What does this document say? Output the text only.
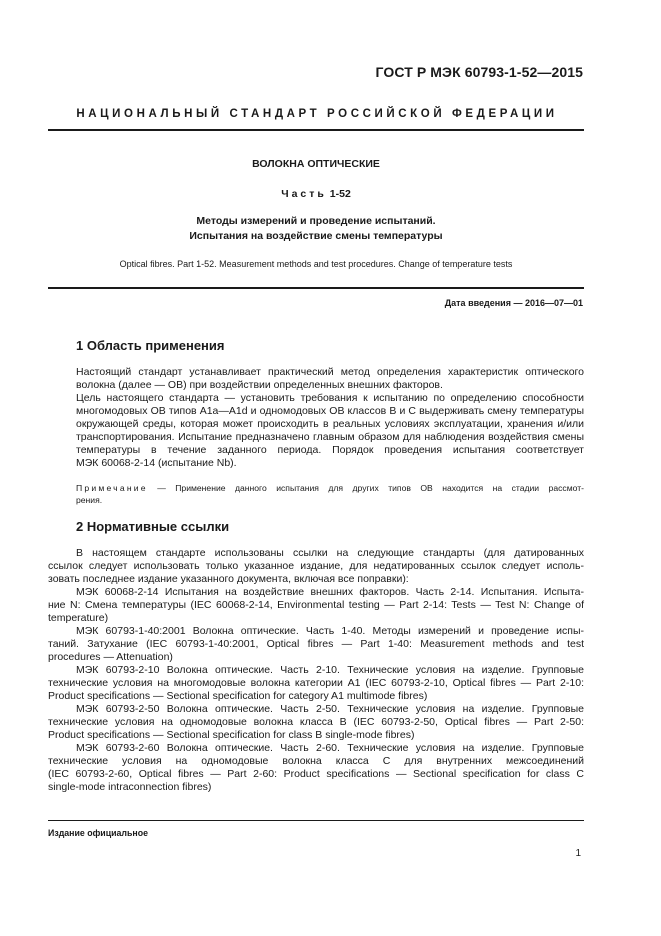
ГОСТ Р МЭК 60793-1-52—2015
НАЦИОНАЛЬНЫЙ СТАНДАРТ РОССИЙСКОЙ ФЕДЕРАЦИИ
ВОЛОКНА ОПТИЧЕСКИЕ
Часть 1-52
Методы измерений и проведение испытаний.
Испытания на воздействие смены температуры
Optical fibres. Part 1-52. Measurement methods and test procedures. Change of temperature tests
Дата введения — 2016—07—01
1 Область применения
Настоящий стандарт устанавливает практический метод определения характеристик оптического
волокна (далее — ОВ) при воздействии определенных внешних факторов.
Цель настоящего стандарта — установить требования к испытанию по определению способности
многомодовых ОВ типов А1а—А1d и одномодовых ОВ классов В и С выдерживать смену температуры
окружающей среды, которая может происходить в реальных условиях эксплуатации, хранения и/или
транспортирования. Испытание предназначено главным образом для наблюдения воздействия смены
температуры в течение заданного периода. Порядок проведения испытания соответствует
МЭК 60068-2-14 (испытание Nb).
Примечание — Применение данного испытания для других типов ОВ находится на стадии рассмот-
рения.
2 Нормативные ссылки
В настоящем стандарте использованы ссылки на следующие стандарты (для датированных
ссылок следует использовать только указанное издание, для недатированных ссылок следует исполь-
зовать последнее издание указанного документа, включая все поправки):
МЭК 60068-2-14 Испытания на воздействие внешних факторов. Часть 2-14. Испытания. Испыта-
ние N: Смена температуры (IEC 60068-2-14, Environmental testing — Part 2-14: Tests — Test N: Change of
temperature)
МЭК 60793-1-40:2001 Волокна оптические. Часть 1-40. Методы измерений и проведение испы-
таний. Затухание (IEC 60793-1-40:2001, Optical fibres — Part 1-40: Measurement methods and test
procedures — Attenuation)
МЭК 60793-2-10 Волокна оптические. Часть 2-10. Технические условия на изделие. Групповые
технические условия на многомодовые волокна категории А1 (IEC 60793-2-10, Optical fibres — Part 2-10:
Product specifications — Sectional specification for category A1 multimode fibres)
МЭК 60793-2-50 Волокна оптические. Часть 2-50. Технические условия на изделие. Групповые
технические условия на одномодовые волокна класса В (IEC 60793-2-50, Optical fibres — Part 2-50:
Product specifications — Sectional specification for class B single-mode fibres)
МЭК 60793-2-60 Волокна оптические. Часть 2-60. Технические условия на изделие. Групповые
технические условия на одномодовые волокна класса С для внутренних межсоединений
(IEC 60793-2-60, Optical fibres — Part 2-60: Product specifications — Sectional specification for class C
single-mode intraconnection fibres)
Издание официальное
1
